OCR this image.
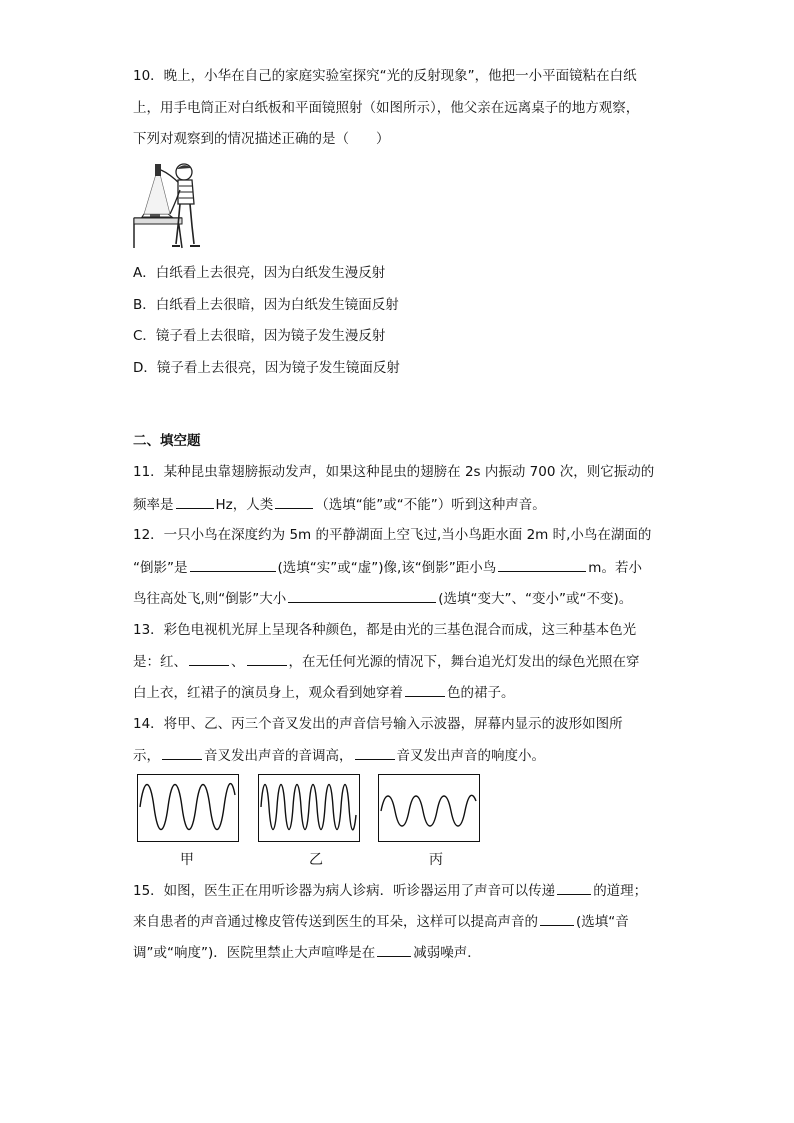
10．晚上，小华在自己的家庭实验室探究“光的反射现象”，他把一小平面镜粘在白纸
上，用手电筒正对白纸板和平面镜照射（如图所示），他父亲在远离桌子的地方观察，
下列对观察到的情况描述正确的是（　　）
A．白纸看上去很亮，因为白纸发生漫反射
B．白纸看上去很暗，因为白纸发生镜面反射
C．镜子看上去很暗，因为镜子发生漫反射
D．镜子看上去很亮，因为镜子发生镜面反射
二、填空题
11．某种昆虫靠翅膀振动发声，如果这种昆虫的翅膀在 2s 内振动 700 次，则它振动的
频率是	Hz，人类	（选填“能”或“不能”）听到这种声音。
12．一只小鸟在深度约为 5m 的平静湖面上空飞过,当小鸟距水面 2m 时,小鸟在湖面的
“倒影”是	(选填“实”或“虚”)像,该“倒影”距小鸟	m。若小
鸟往高处飞,则“倒影”大小	(选填“变大”、“变小”或“不变)。
13．彩色电视机光屏上呈现各种颜色，都是由光的三基色混合而成，这三种基本色光
是：红、	、	，在无任何光源的情况下，舞台追光灯发出的绿色光照在穿
白上衣，红裙子的演员身上，观众看到她穿着	色的裙子。
14．将甲、乙、丙三个音叉发出的声音信号输入示波器，屏幕内显示的波形如图所
示，	音叉发出声音的音调高，	音叉发出声音的响度小。
甲	乙	丙
15．如图，医生正在用听诊器为病人诊病．听诊器运用了声音可以传递	的道理；
来自患者的声音通过橡皮管传送到医生的耳朵，这样可以提高声音的	(选填“音
调”或“响度”)．医院里禁止大声喧哗是在	减弱噪声．
